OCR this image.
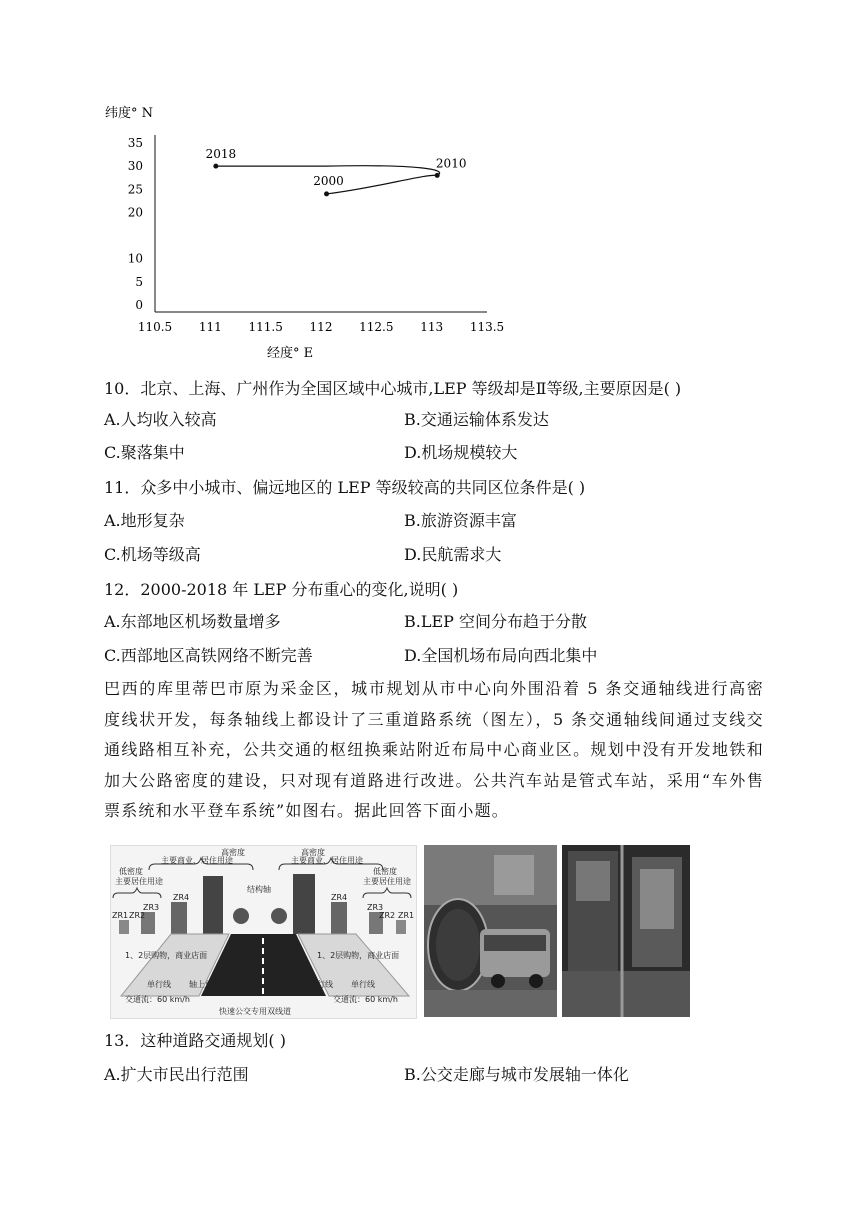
纬度° N
经度° E
110.5 111 111.5 112 112.5 113 113.5
0
5
10
20
25
30
35
2000
2010
2018
10．北京、上海、广州作为全国区域中心城市,LEP 等级却是Ⅱ等级,主要原因是( )
A.人均收入较高	B.交通运输体系发达
C.聚落集中	D.机场规模较大
11．众多中小城市、偏远地区的 LEP 等级较高的共同区位条件是( )
A.地形复杂	B.旅游资源丰富
C.机场等级高	D.民航需求大
12．2000-2018 年 LEP 分布重心的变化,说明( )
A.东部地区机场数量增多	B.LEP 空间分布趋于分散
C.西部地区高铁网络不断完善	D.全国机场布局向西北集中
巴西的库里蒂巴市原为采金区，城市规划从市中心向外围沿着 5 条交通轴线进行高密度线状开发，每条轴线上都设计了三重道路系统（图左），5 条交通轴线间通过支线交通线路相互补充，公共交通的枢纽换乘站附近布局中心商业区。规划中没有开发地铁和加大公路密度的建设，只对现有道路进行改进。公共汽车站是管式车站，采用“车外售票系统和水平登车系统”如图右。据此回答下面小题。
高密度
主要商业、居住用途
高密度
主要商业、居住用途
低密度
主要居住用途
低密度
主要居住用途
结构轴
ZR4	ZR4
ZR3	ZR3
ZR2	ZR2
ZR1	ZR1
1、2层购物，商业店面	1、2层购物，商业店面
单行线 轴上单行线	轴上单行线 单行线
交通流：60 km/h	交通流：60 km/h
快速公交专用双线道
13．这种道路交通规划( )
A.扩大市民出行范围	B.公交走廊与城市发展轴一体化
